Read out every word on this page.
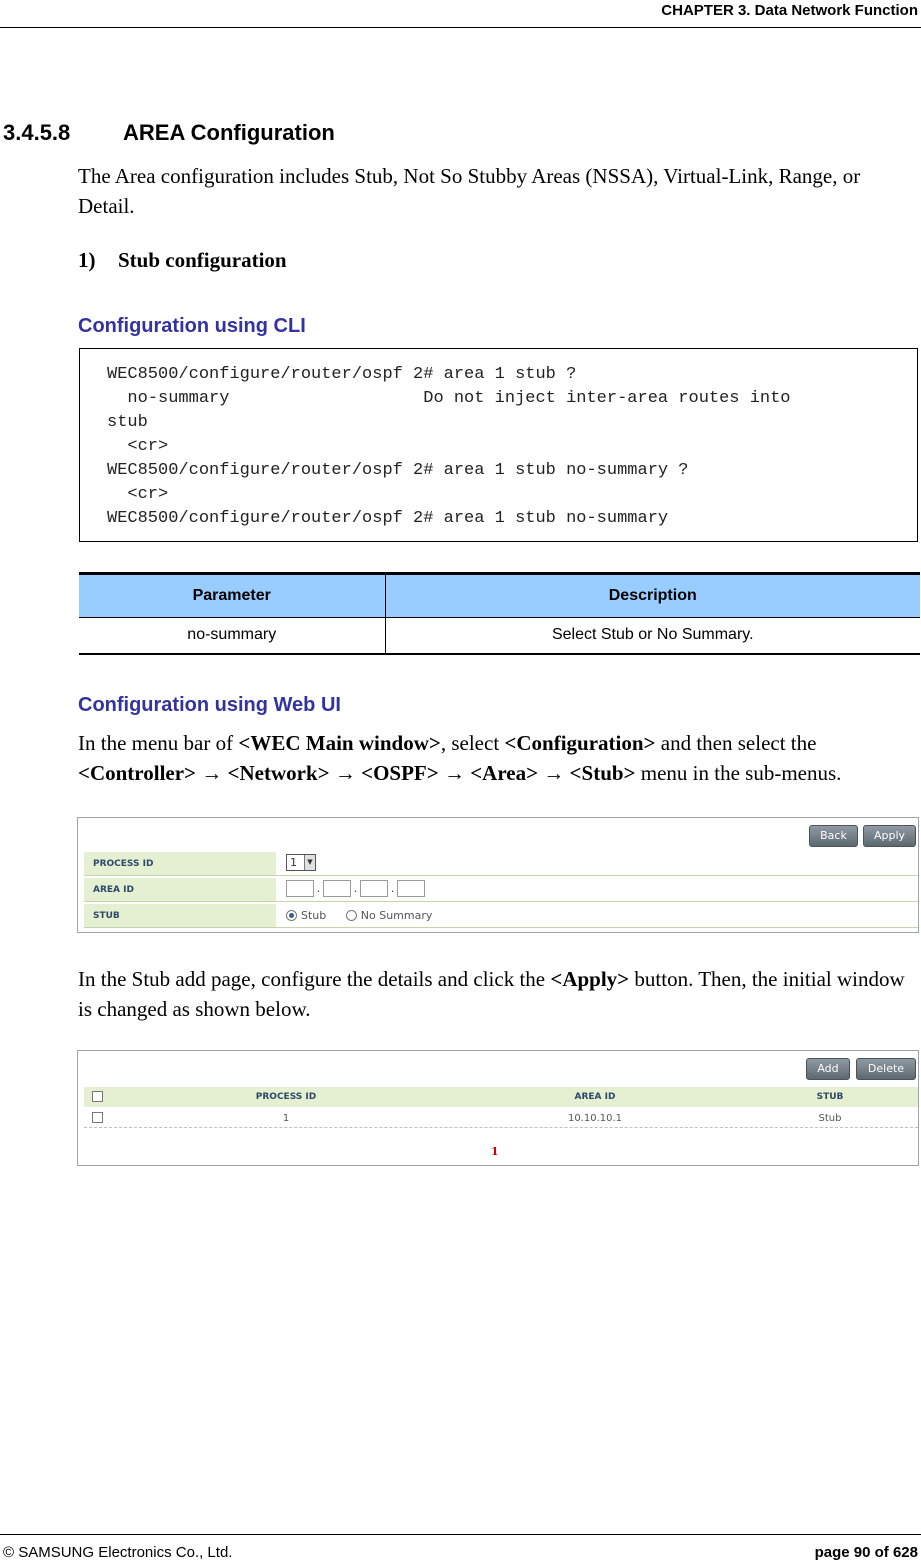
CHAPTER 3. Data Network Function
3.4.5.8 AREA Configuration
The Area configuration includes Stub, Not So Stubby Areas (NSSA), Virtual-Link, Range, or Detail.
1) Stub configuration
Configuration using CLI
WEC8500/configure/router/ospf 2# area 1 stub ?
no-summary                   Do not inject inter-area routes into
stub
<cr>
WEC8500/configure/router/ospf 2# area 1 stub no-summary ?
<cr>
WEC8500/configure/router/ospf 2# area 1 stub no-summary
Parameter	Description
no-summary	Select Stub or No Summary.
Configuration using Web UI
In the menu bar of <WEC Main window>, select <Configuration> and then select the <Controller> → <Network> → <OSPF> → <Area> → <Stub> menu in the sub-menus.
Back	Apply
PROCESS ID	1	▼
AREA ID	.	.	.
STUB	Stub	No Summary
In the Stub add page, configure the details and click the <Apply> button. Then, the initial window is changed as shown below.
Add	Delete
PROCESS ID	AREA ID	STUB
1	10.10.10.1	Stub
1
© SAMSUNG Electronics Co., Ltd.	page 90 of 628
